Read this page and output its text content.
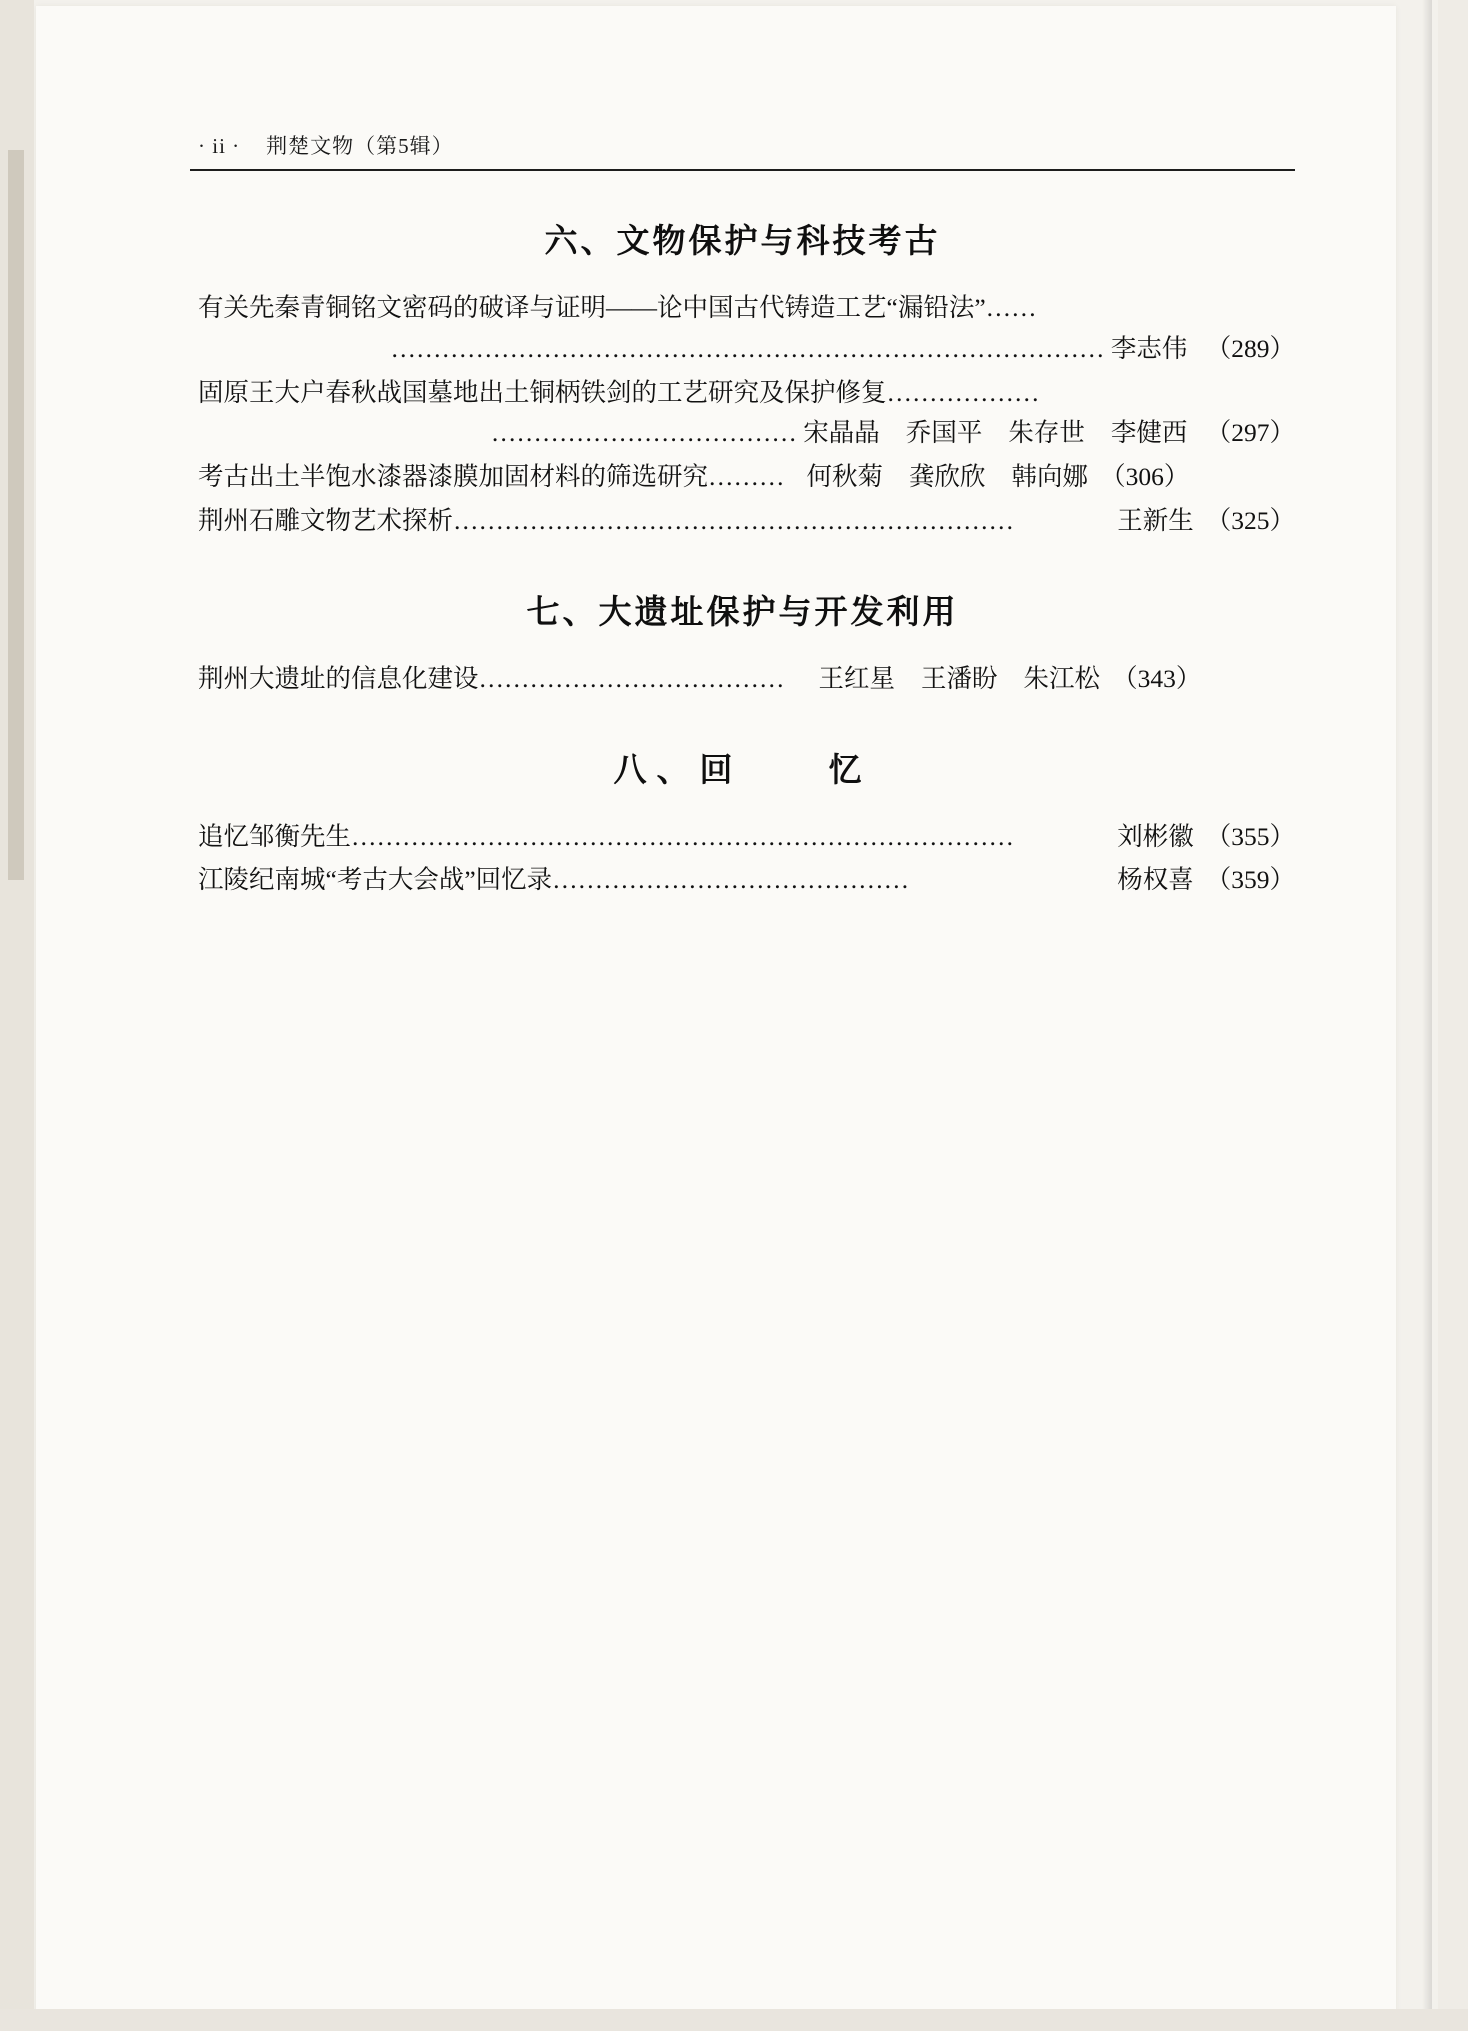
· ii · 荆楚文物（第5辑）
六、文物保护与科技考古
有关先秦青铜铭文密码的破译与证明——论中国古代铸造工艺“漏铅法”……
………………………………………………………………………… 李志伟 （289）
固原王大户春秋战国墓地出土铜柄铁剑的工艺研究及保护修复………………
……………………………… 宋晶晶 乔国平 朱存世 李健西 （297）
考古出土半饱水漆器漆膜加固材料的筛选研究 ……… 何秋菊 龚欣欣 韩向娜 （306）
荆州石雕文物艺术探析 …………………………………………………………	王新生 （325）
七、大遗址保护与开发利用
荆州大遗址的信息化建设 ……………………………… 王红星 王潘盼 朱江松 （343）
八、回　　忆
追忆邹衡先生 ……………………………………………………………………	刘彬徽 （355）
江陵纪南城“考古大会战”回忆录 ……………………………………	杨权喜 （359）
